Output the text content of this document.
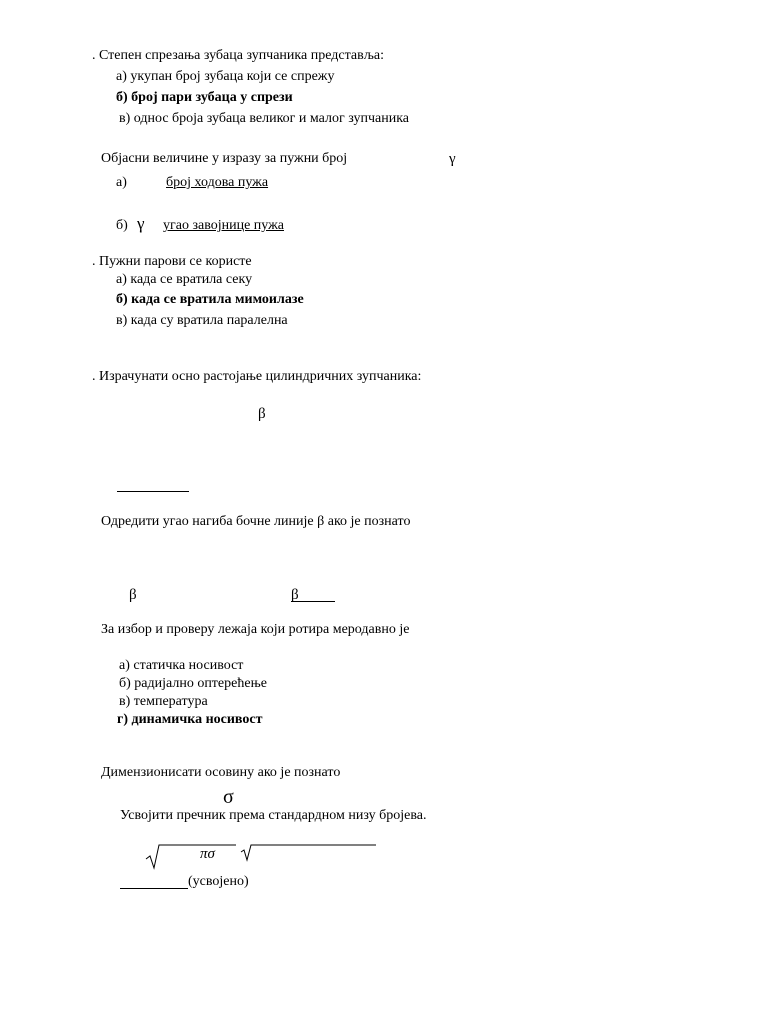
. Степен спрезања зубаца зупчаника представља:
а) укупан број зубаца који се спрежу
б) број пари зубаца у спрези
в) однос броја зубаца великог и малог зупчаника
Објасни величине у изразу за пужни број	γ
а)	број ходова пужа
б) γ угао завојнице пужа
. Пужни парови се користе
а) када се вратила секу
б) када се вратила мимоилазе
в) када су вратила паралелна
. Израчунати осно растојање цилиндричних зупчаника:
β
Одредити угао нагиба бочне линије β ако је познато
β	β
За избор и проверу лежаја који ротира меродавно је
а) статичка носивост
б) радијално оптерећење
в) температура
г) динамичка носивост
Димензионисати осовину ако је познато
σ
Усвојити пречник према стандардном низу бројева.
πσ
(усвојено)
